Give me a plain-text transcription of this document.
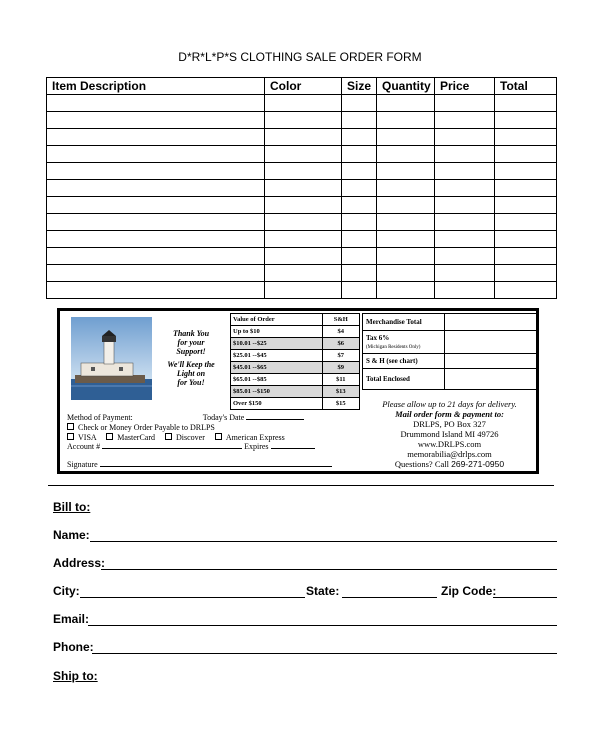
D*R*L*P*S CLOTHING SALE ORDER FORM
Item Description	Color	Size	Quantity	Price	Total

Thank You
for your
Support!

We'll Keep the
Light on
for You!

Value of Order	S&H
Up to $10	$4
$10.01 --$25	$6
$25.01 --$45	$7
$45.01 --$65	$9
$65.01 --$85	$11
$85.01 --$150	$13
Over $150	$15
Merchandise Total	
Tax 6%
(Michigan Residents Only)	
S & H (see chart)	
Total Enclosed	
Method of Payment:	Today's Date
Check or Money Order Payable to DRLPS
VISA	MasterCard	Discover	American Express
Account #	Expires
Signature
Please allow up to 21 days for delivery.
Mail order form & payment to:
DRLPS, PO Box 327
Drummond Island MI 49726
www.DRLPS.com
memorabilia@drlps.com
Questions? Call 269-271-0950
Bill to:
Name:
Address:
City:	State:	Zip Code:
Email:
Phone:
Ship to:
